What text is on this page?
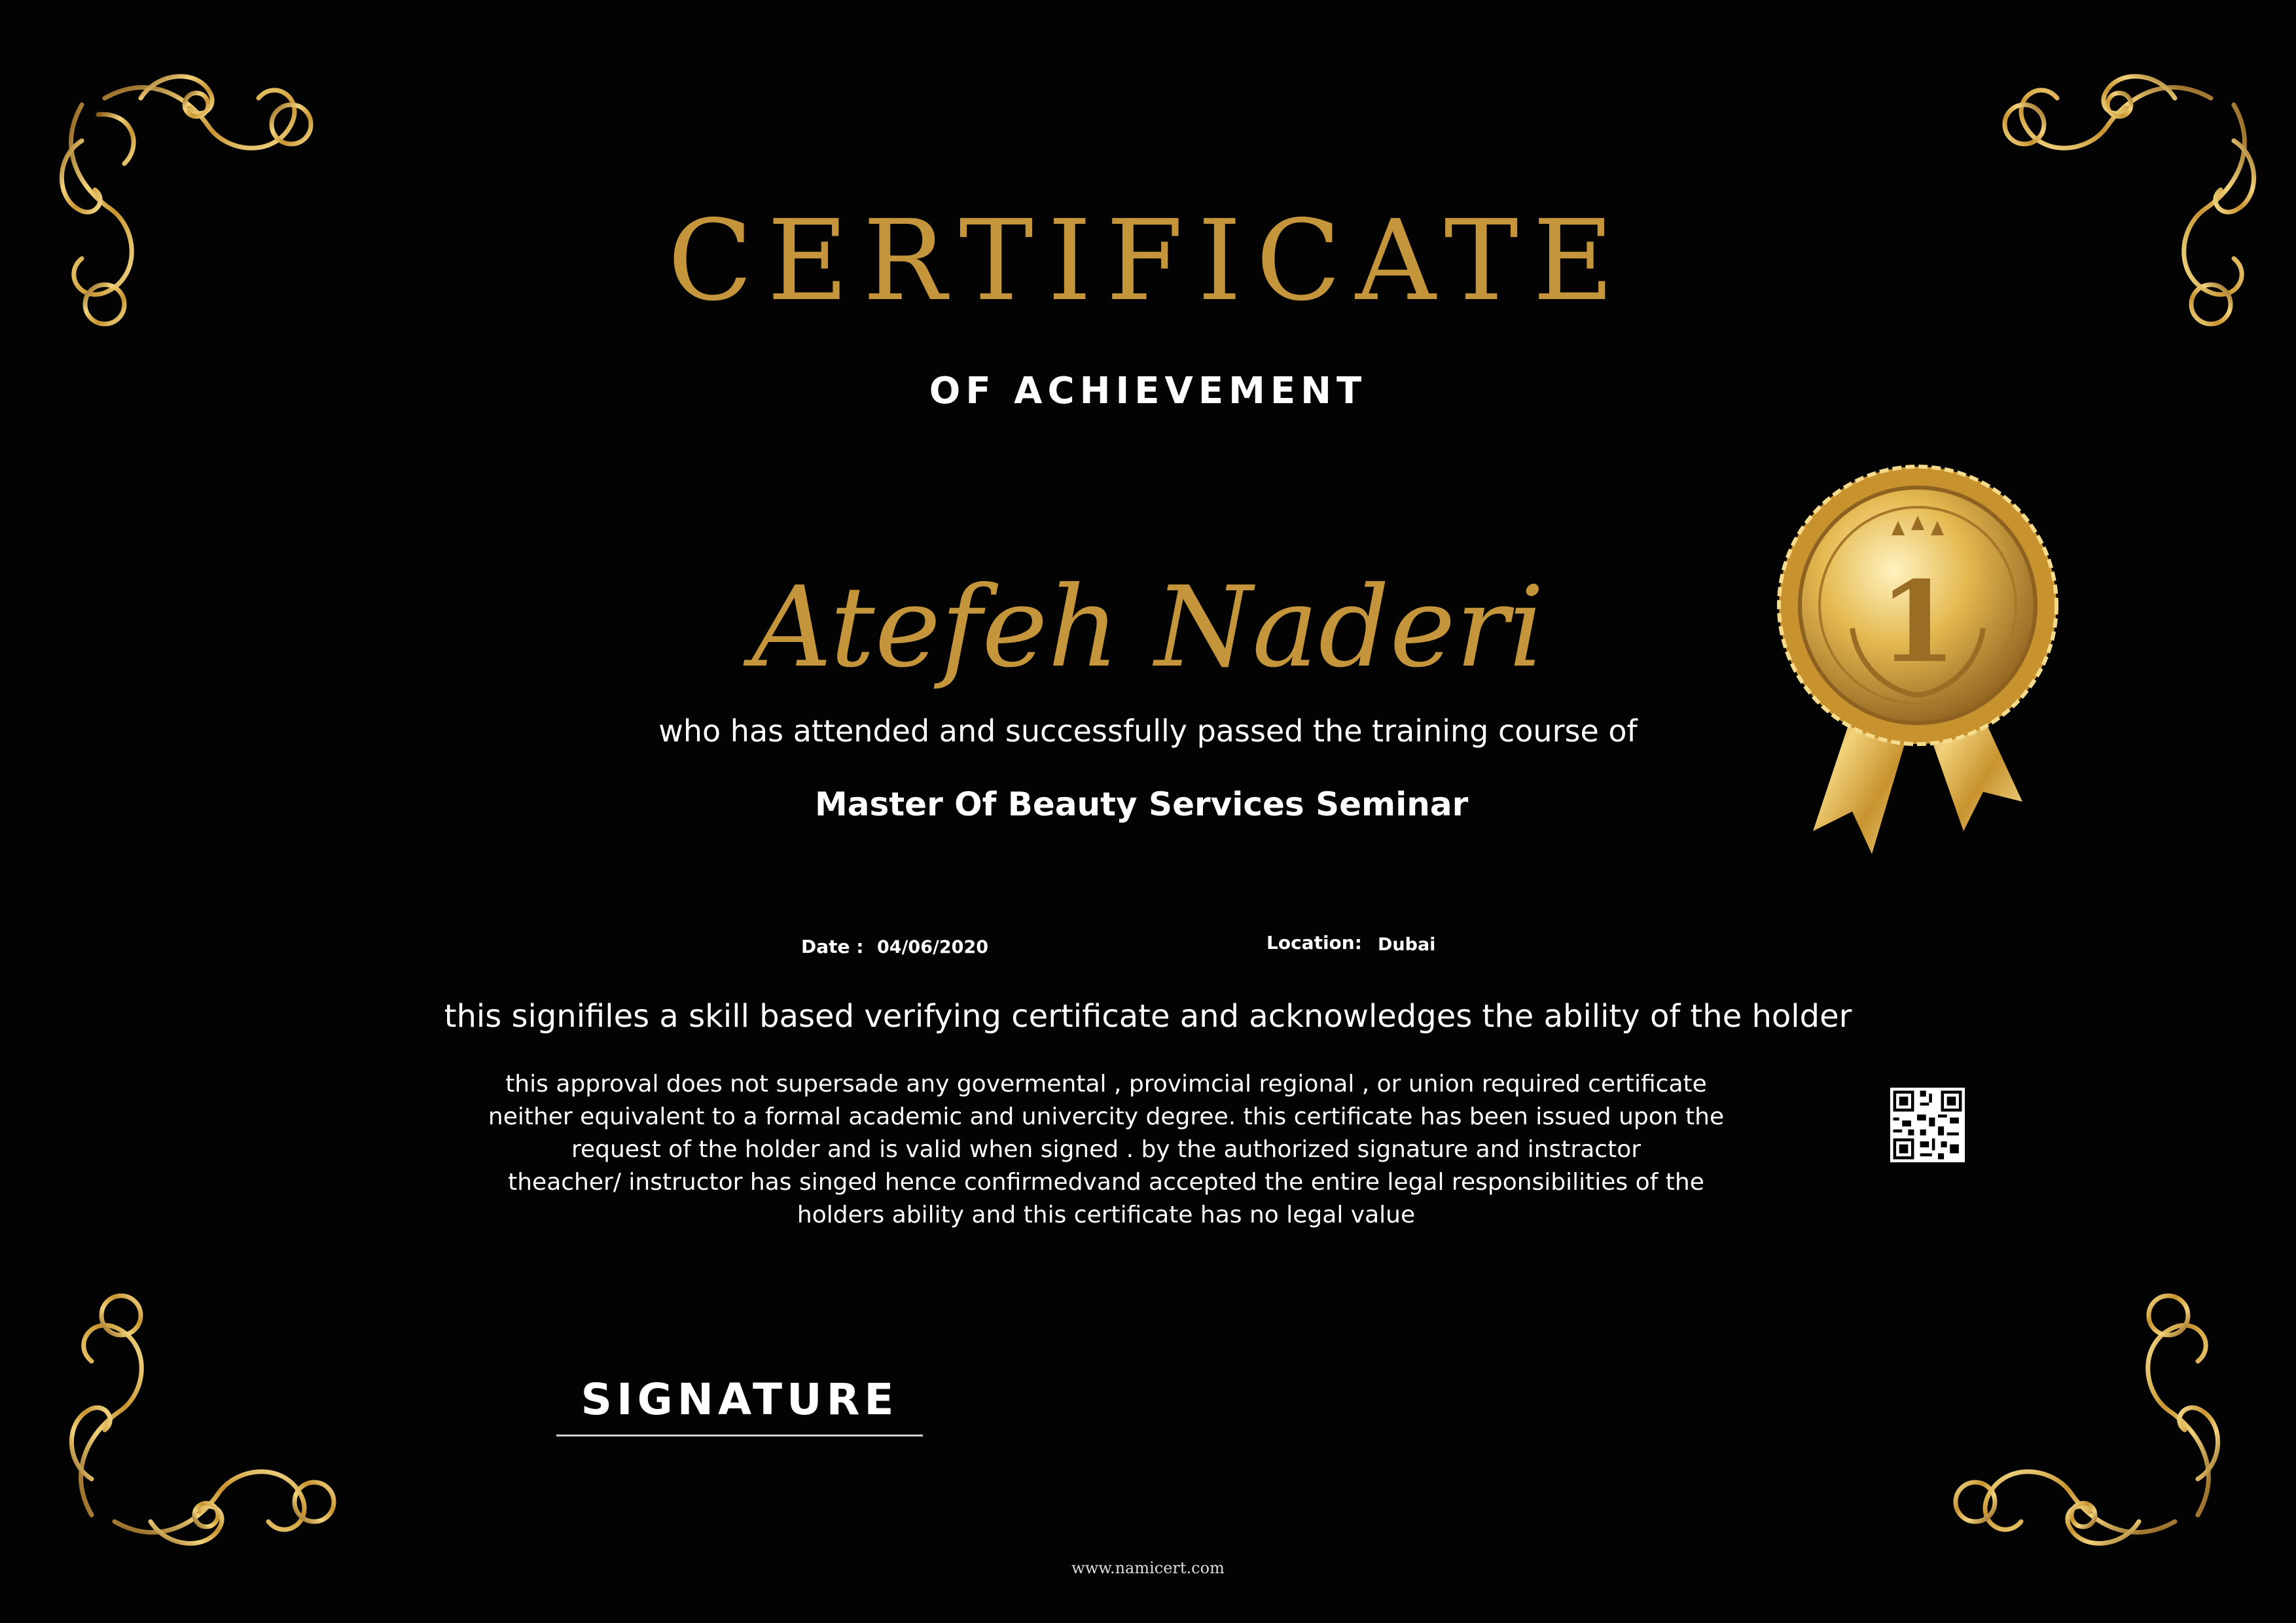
CERTIFICATE
OF ACHIEVEMENT
Atefeh Naderi
who has attended and successfully passed the training course of
Master Of Beauty Services Seminar
Date : 04/06/2020	Location: Dubai
this signifiles a skill based verifying certificate and acknowledges the ability of the holder
this approval does not supersade any govermental , provimcial regional , or union required certificate
neither equivalent to a formal academic and univercity degree. this certificate has been issued upon the
request of the holder and is valid when signed . by the authorized signature and instractor
theacher/ instructor has singed hence confirmedvand accepted the entire legal responsibilities of the
holders ability and this certificate has no legal value
SIGNATURE
www.namicert.com
1
